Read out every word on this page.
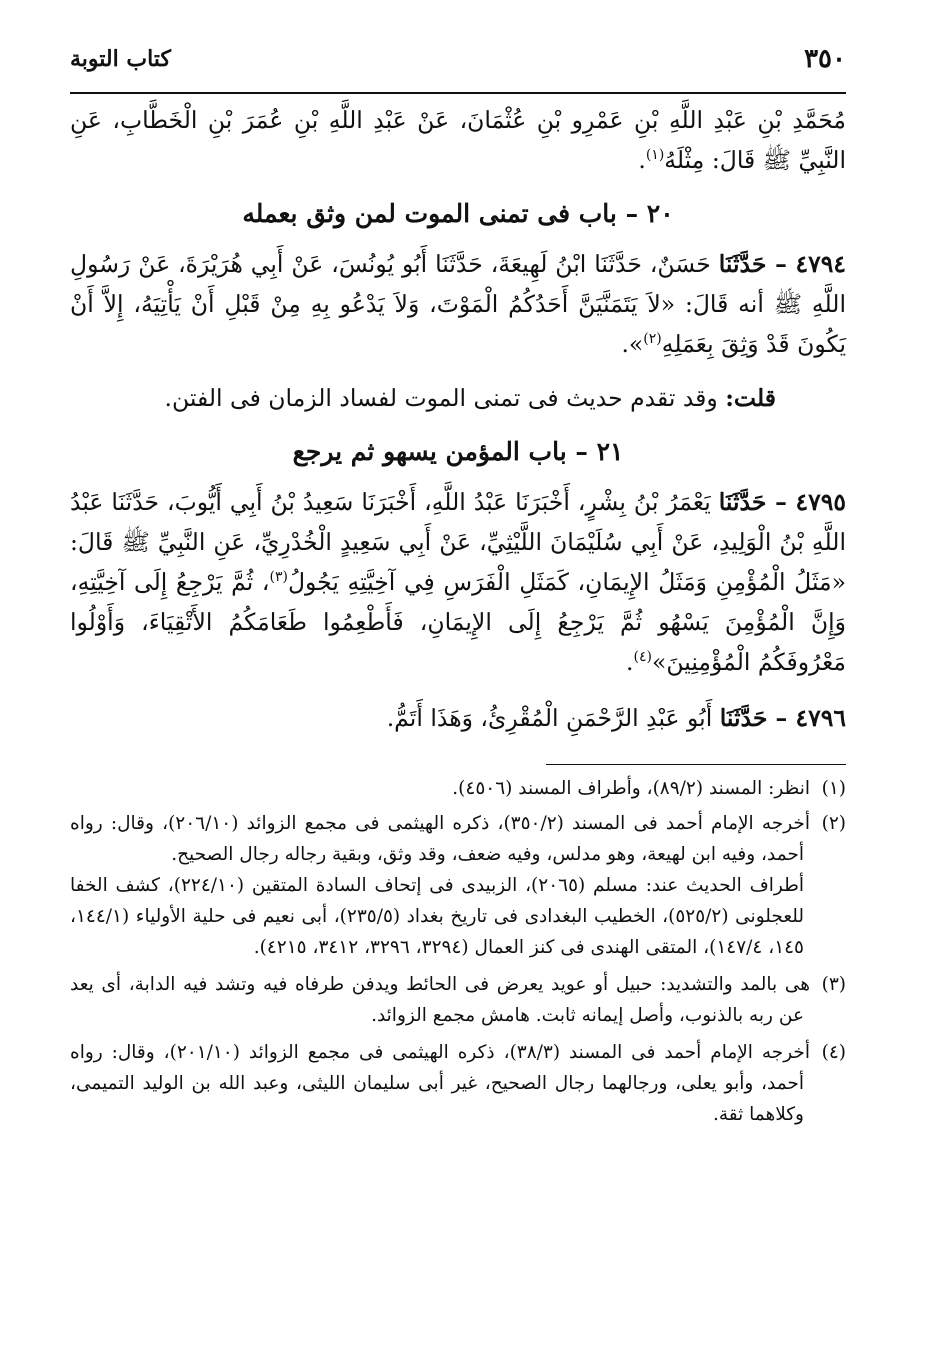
٣٥٠
كتاب التوبة

مُحَمَّدِ بْنِ عَبْدِ اللَّهِ بْنِ عَمْرِو بْنِ عُثْمَانَ، عَنْ عَبْدِ اللَّهِ بْنِ عُمَرَ بْنِ الْخَطَّابِ، عَنِ النَّبِيِّ ﷺ قَالَ: مِثْلَهُ$^{(١)}$.

٢٠ – باب فى تمنى الموت لمن وثق بعمله

٤٧٩٤ – حَدَّثَنَا حَسَنٌ، حَدَّثَنَا ابْنُ لَهِيعَةَ، حَدَّثَنَا أَبُو يُونُسَ، عَنْ أَبِي هُرَيْرَةَ، عَنْ رَسُولِ اللَّهِ ﷺ أنه قَالَ: «لاَ يَتَمَنَّيَنَّ أَحَدُكُمُ الْمَوْتَ، وَلاَ يَدْعُو بِهِ مِنْ قَبْلِ أَنْ يَأْتِيَهُ، إِلاَّ أَنْ يَكُونَ قَدْ وَثِقَ بِعَمَلِهِ$^{(٢)}$».

قلت: وقد تقدم حديث فى تمنى الموت لفساد الزمان فى الفتن.

٢١ – باب المؤمن يسهو ثم يرجع

٤٧٩٥ – حَدَّثَنَا يَعْمَرُ بْنُ بِشْرٍ، أَخْبَرَنَا عَبْدُ اللَّهِ، أَخْبَرَنَا سَعِيدُ بْنُ أَبِي أَيُّوبَ، حَدَّثَنَا عَبْدُ اللَّهِ بْنُ الْوَلِيدِ، عَنْ أَبِي سُلَيْمَانَ اللَّيْثِيِّ، عَنْ أَبِي سَعِيدٍ الْخُدْرِيِّ، عَنِ النَّبِيِّ ﷺ قَالَ: «مَثَلُ الْمُؤْمِنِ وَمَثَلُ الإِيمَانِ، كَمَثَلِ الْفَرَسِ فِي آخِيَّتِهِ يَجُولُ$^{(٣)}$، ثُمَّ يَرْجِعُ إِلَى آخِيَّتِهِ، وَإِنَّ الْمُؤْمِنَ يَسْهُو ثُمَّ يَرْجِعُ إِلَى الإِيمَانِ، فَأَطْعِمُوا طَعَامَكُمُ الأَتْقِيَاءَ، وَأَوْلُوا مَعْرُوفَكُمُ الْمُؤْمِنِينَ»$^{(٤)}$.

٤٧٩٦ – حَدَّثَنَا أَبُو عَبْدِ الرَّحْمَنِ الْمُقْرِئُ، وَهَذَا أَتَمُّ.

(١)انظر: المسند (٨٩/٢)، وأطراف المسند (٤٥٠٦).

(٢)أخرجه الإمام أحمد فى المسند (٣٥٠/٢)، ذكره الهيثمى فى مجمع الزوائد (٢٠٦/١٠)، وقال: رواه أحمد، وفيه ابن لهيعة، وهو مدلس، وفيه ضعف، وقد وثق، وبقية رجاله رجال الصحيح.

أطراف الحديث عند: مسلم (٢٠٦٥)، الزبيدى فى إتحاف السادة المتقين (٢٢٤/١٠)، كشف الخفا للعجلونى (٥٢٥/٢)، الخطيب البغدادى فى تاريخ بغداد (٢٣٥/٥)، أبى نعيم فى حلية الأولياء (١٤٤/١، ١٤٥، ١٤٧/٤)، المتقى الهندى فى كنز العمال (٣٢٩٤، ٣٢٩٦، ٣٤١٢، ٤٢١٥).

(٣)هى بالمد والتشديد: حبيل أو عويد يعرض فى الحائط ويدفن طرفاه فيه وتشد فيه الدابة، أى يعد عن ربه بالذنوب، وأصل إيمانه ثابت. هامش مجمع الزوائد.

(٤)أخرجه الإمام أحمد فى المسند (٣٨/٣)، ذكره الهيثمى فى مجمع الزوائد (٢٠١/١٠)، وقال: رواه أحمد، وأبو يعلى، ورجالهما رجال الصحيح، غير أبى سليمان الليثى، وعبد الله بن الوليد التميمى، وكلاهما ثقة.
